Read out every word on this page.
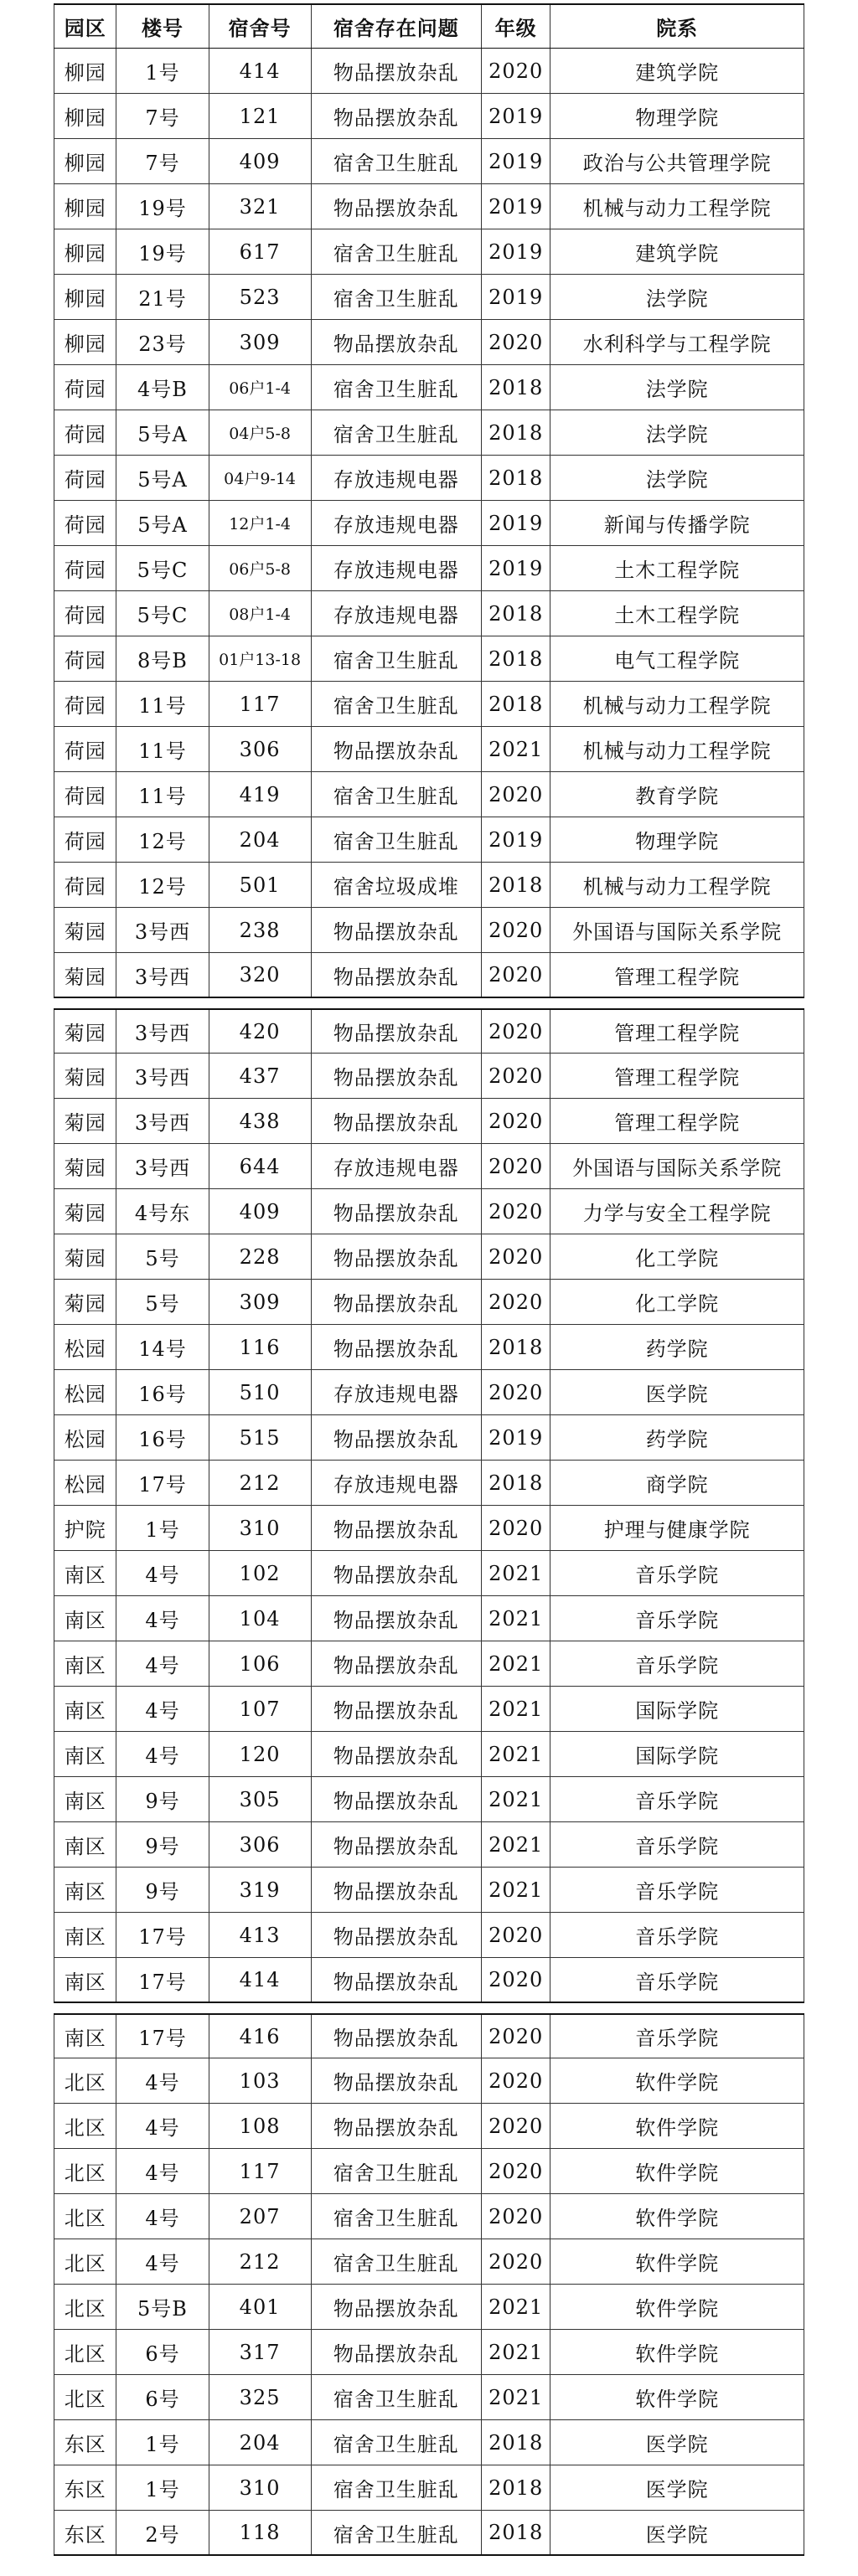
园区	楼号	宿舍号	宿舍存在问题	年级	院系
柳园	1号	414	物品摆放杂乱	2020	建筑学院
柳园	7号	121	物品摆放杂乱	2019	物理学院
柳园	7号	409	宿舍卫生脏乱	2019	政治与公共管理学院
柳园	19号	321	物品摆放杂乱	2019	机械与动力工程学院
柳园	19号	617	宿舍卫生脏乱	2019	建筑学院
柳园	21号	523	宿舍卫生脏乱	2019	法学院
柳园	23号	309	物品摆放杂乱	2020	水利科学与工程学院
荷园	4号B	06户1-4	宿舍卫生脏乱	2018	法学院
荷园	5号A	04户5-8	宿舍卫生脏乱	2018	法学院
荷园	5号A	04户9-14	存放违规电器	2018	法学院
荷园	5号A	12户1-4	存放违规电器	2019	新闻与传播学院
荷园	5号C	06户5-8	存放违规电器	2019	土木工程学院
荷园	5号C	08户1-4	存放违规电器	2018	土木工程学院
荷园	8号B	01户13-18	宿舍卫生脏乱	2018	电气工程学院
荷园	11号	117	宿舍卫生脏乱	2018	机械与动力工程学院
荷园	11号	306	物品摆放杂乱	2021	机械与动力工程学院
荷园	11号	419	宿舍卫生脏乱	2020	教育学院
荷园	12号	204	宿舍卫生脏乱	2019	物理学院
荷园	12号	501	宿舍垃圾成堆	2018	机械与动力工程学院
菊园	3号西	238	物品摆放杂乱	2020	外国语与国际关系学院
菊园	3号西	320	物品摆放杂乱	2020	管理工程学院
菊园	3号西	420	物品摆放杂乱	2020	管理工程学院
菊园	3号西	437	物品摆放杂乱	2020	管理工程学院
菊园	3号西	438	物品摆放杂乱	2020	管理工程学院
菊园	3号西	644	存放违规电器	2020	外国语与国际关系学院
菊园	4号东	409	物品摆放杂乱	2020	力学与安全工程学院
菊园	5号	228	物品摆放杂乱	2020	化工学院
菊园	5号	309	物品摆放杂乱	2020	化工学院
松园	14号	116	物品摆放杂乱	2018	药学院
松园	16号	510	存放违规电器	2020	医学院
松园	16号	515	物品摆放杂乱	2019	药学院
松园	17号	212	存放违规电器	2018	商学院
护院	1号	310	物品摆放杂乱	2020	护理与健康学院
南区	4号	102	物品摆放杂乱	2021	音乐学院
南区	4号	104	物品摆放杂乱	2021	音乐学院
南区	4号	106	物品摆放杂乱	2021	音乐学院
南区	4号	107	物品摆放杂乱	2021	国际学院
南区	4号	120	物品摆放杂乱	2021	国际学院
南区	9号	305	物品摆放杂乱	2021	音乐学院
南区	9号	306	物品摆放杂乱	2021	音乐学院
南区	9号	319	物品摆放杂乱	2021	音乐学院
南区	17号	413	物品摆放杂乱	2020	音乐学院
南区	17号	414	物品摆放杂乱	2020	音乐学院
南区	17号	416	物品摆放杂乱	2020	音乐学院
北区	4号	103	物品摆放杂乱	2020	软件学院
北区	4号	108	物品摆放杂乱	2020	软件学院
北区	4号	117	宿舍卫生脏乱	2020	软件学院
北区	4号	207	宿舍卫生脏乱	2020	软件学院
北区	4号	212	宿舍卫生脏乱	2020	软件学院
北区	5号B	401	物品摆放杂乱	2021	软件学院
北区	6号	317	物品摆放杂乱	2021	软件学院
北区	6号	325	宿舍卫生脏乱	2021	软件学院
东区	1号	204	宿舍卫生脏乱	2018	医学院
东区	1号	310	宿舍卫生脏乱	2018	医学院
东区	2号	118	宿舍卫生脏乱	2018	医学院
